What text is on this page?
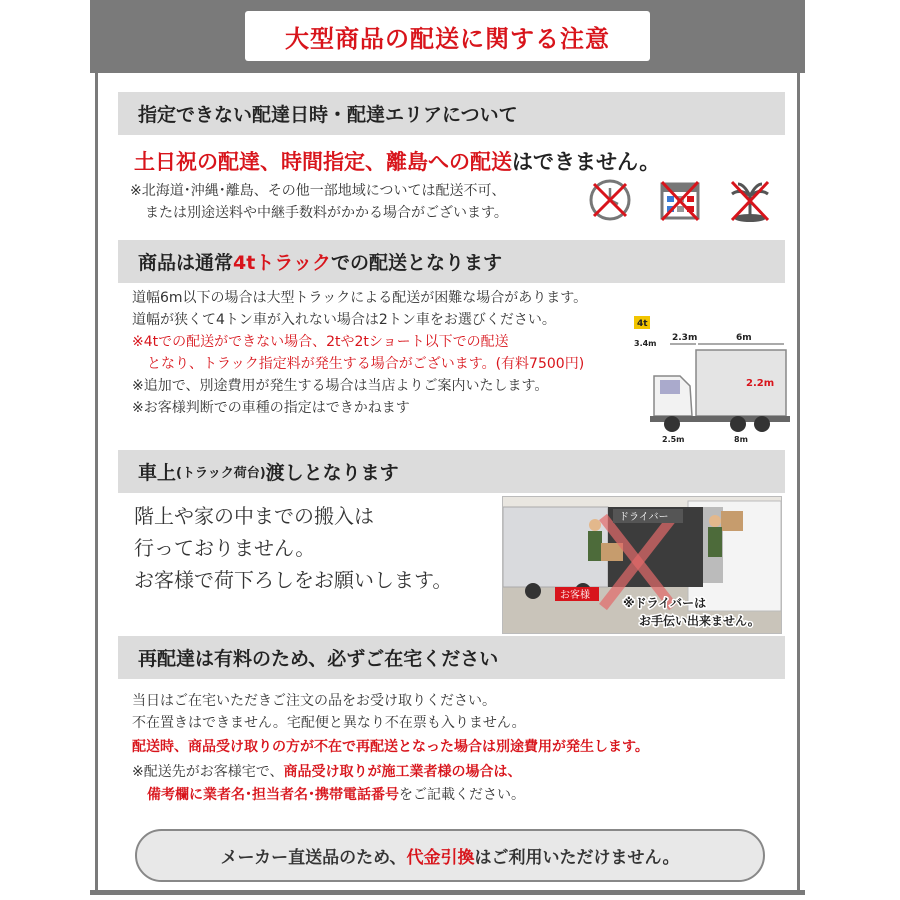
大型商品の配送に関する注意
指定できない配達日時・配達エリアについて
土日祝の配達、時間指定、離島への配送はできません。
※北海道･沖縄･離島、その他一部地域については配送不可、
または別途送料や中継手数料がかかる場合がございます。
商品は通常 4tトラック での配送となります
道幅6m以下の場合は大型トラックによる配送が困難な場合があります。
道幅が狭くて4トン車が入れない場合は2トン車をお選びください。
※4tでの配送ができない場合、2tや2tショート以下での配送
となり、トラック指定料が発生する場合がございます。(有料7500円)
※追加で、別途費用が発生する場合は当店よりご案内いたします。
※お客様判断での車種の指定はできかねます
4t
3.4m
2.3m	6m
2.2m
2.5m	8m
車上 (トラック荷台) 渡しとなります
階上や家の中までの搬入は
行っておりません。
お客様で荷下ろしをお願いします。
ドライバー
お客様
※ドライバーは
お手伝い出来ません。
再配達は有料のため、必ずご在宅ください
当日はご在宅いただきご注文の品をお受け取りください。
不在置きはできません。宅配便と異なり不在票も入りません。
配送時、商品受け取りの方が不在で再配送となった場合は別途費用が発生します。
※配送先がお客様宅で、商品受け取りが施工業者様の場合は、
備考欄に業者名･担当者名･携帯電話番号をご記載ください。
メーカー直送品のため、 代金引換 はご利用いただけません。
